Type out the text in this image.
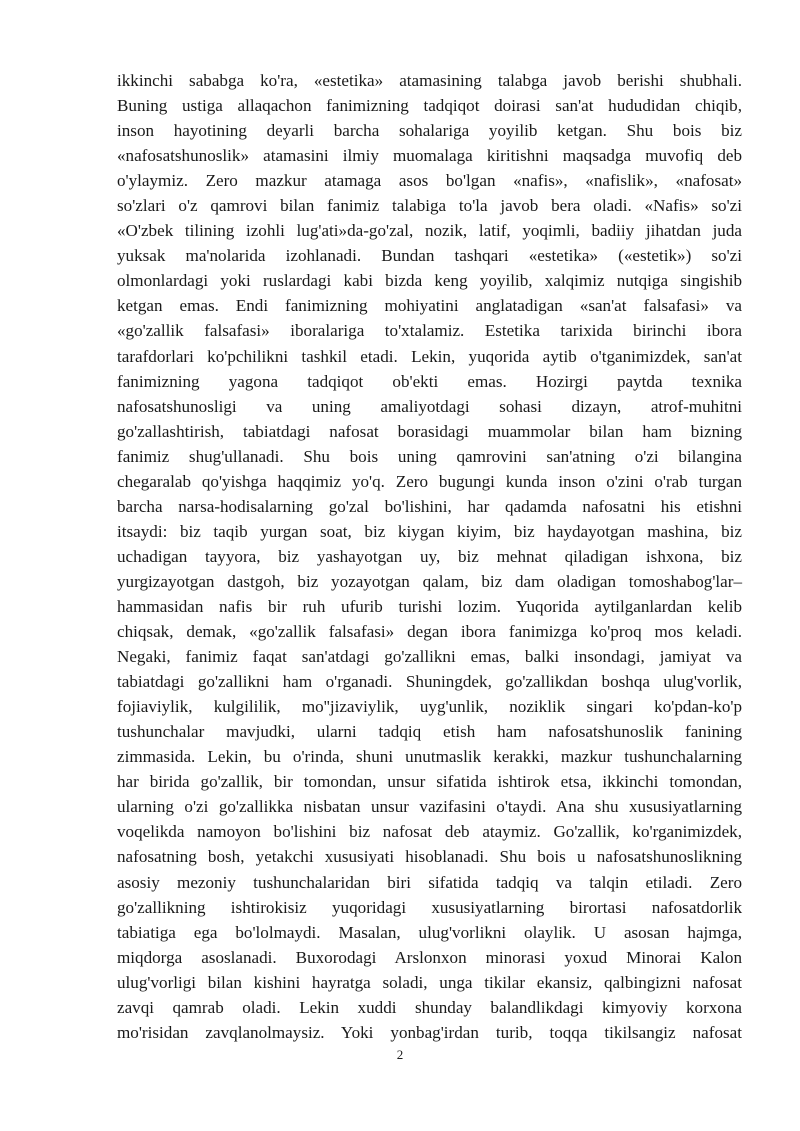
ikkinchi sababga ko'ra, «estetika» atamasining talabga javob berishi shubhali.
Buning ustiga allaqachon fanimizning tadqiqot doirasi san'at hududidan chiqib,
inson hayotining deyarli barcha sohalariga yoyilib ketgan. Shu bois biz
«nafosatshunoslik» atamasini ilmiy muomalaga kiritishni maqsadga muvofiq deb
o'ylaymiz. Zero mazkur atamaga asos bo'lgan «nafis», «nafislik», «nafosat»
so'zlari o'z qamrovi bilan fanimiz talabiga to'la javob bera oladi. «Nafis» so'zi
«O'zbek tilining izohli lug'ati»da-go'zal, nozik, latif, yoqimli, badiiy jihatdan juda
yuksak ma'nolarida izohlanadi. Bundan tashqari «estetika» («estetik») so'zi
olmonlardagi yoki ruslardagi kabi bizda keng yoyilib, xalqimiz nutqiga singishib
ketgan emas. Endi fanimizning mohiyatini anglatadigan «san'at falsafasi» va
«go'zallik falsafasi» iboralariga to'xtalamiz. Estetika tarixida birinchi ibora
tarafdorlari ko'pchilikni tashkil etadi. Lekin, yuqorida aytib o'tganimizdek, san'at
fanimizning yagona tadqiqot ob'ekti emas. Hozirgi paytda texnika
nafosatshunosligi va uning amaliyotdagi sohasi dizayn, atrof-muhitni
go'zallashtirish, tabiatdagi nafosat borasidagi muammolar bilan ham bizning
fanimiz shug'ullanadi. Shu bois uning qamrovini san'atning o'zi bilangina
chegaralab qo'yishga haqqimiz yo'q. Zero bugungi kunda inson o'zini o'rab turgan
barcha narsa-hodisalarning go'zal bo'lishini, har qadamda nafosatni his etishni
itsaydi: biz taqib yurgan soat, biz kiygan kiyim, biz haydayotgan mashina, biz
uchadigan tayyora, biz yashayotgan uy, biz mehnat qiladigan ishxona, biz
yurgizayotgan dastgoh, biz yozayotgan qalam, biz dam oladigan tomoshabog'lar–
hammasidan nafis bir ruh ufurib turishi lozim. Yuqorida aytilganlardan kelib
chiqsak, demak, «go'zallik falsafasi» degan ibora fanimizga ko'proq mos keladi.
Negaki, fanimiz faqat san'atdagi go'zallikni emas, balki insondagi, jamiyat va
tabiatdagi go'zallikni ham o'rganadi. Shuningdek, go'zallikdan boshqa ulug'vorlik,
fojiaviylik, kulgililik, mo''jizaviylik, uyg'unlik, noziklik singari ko'pdan-ko'p
tushunchalar mavjudki, ularni tadqiq etish ham nafosatshunoslik fanining
zimmasida. Lekin, bu o'rinda, shuni unutmaslik kerakki, mazkur tushunchalarning
har birida go'zallik, bir tomondan, unsur sifatida ishtirok etsa, ikkinchi tomondan,
ularning o'zi go'zallikka nisbatan unsur vazifasini o'taydi. Ana shu xususiyatlarning
voqelikda namoyon bo'lishini biz nafosat deb ataymiz. Go'zallik, ko'rganimizdek,
nafosatning bosh, yetakchi xususiyati hisoblanadi. Shu bois u nafosatshunoslikning
asosiy mezoniy tushunchalaridan biri sifatida tadqiq va talqin etiladi. Zero
go'zallikning ishtirokisiz yuqoridagi xususiyatlarning birortasi nafosatdorlik
tabiatiga ega bo'lolmaydi. Masalan, ulug'vorlikni olaylik. U asosan hajmga,
miqdorga asoslanadi. Buxorodagi Arslonxon minorasi yoxud Minorai Kalon
ulug'vorligi bilan kishini hayratga soladi, unga tikilar ekansiz, qalbingizni nafosat
zavqi qamrab oladi. Lekin xuddi shunday balandlikdagi kimyoviy korxona
mo'risidan zavqlanolmaysiz. Yoki yonbag'irdan turib, toqqa tikilsangiz nafosat
2
